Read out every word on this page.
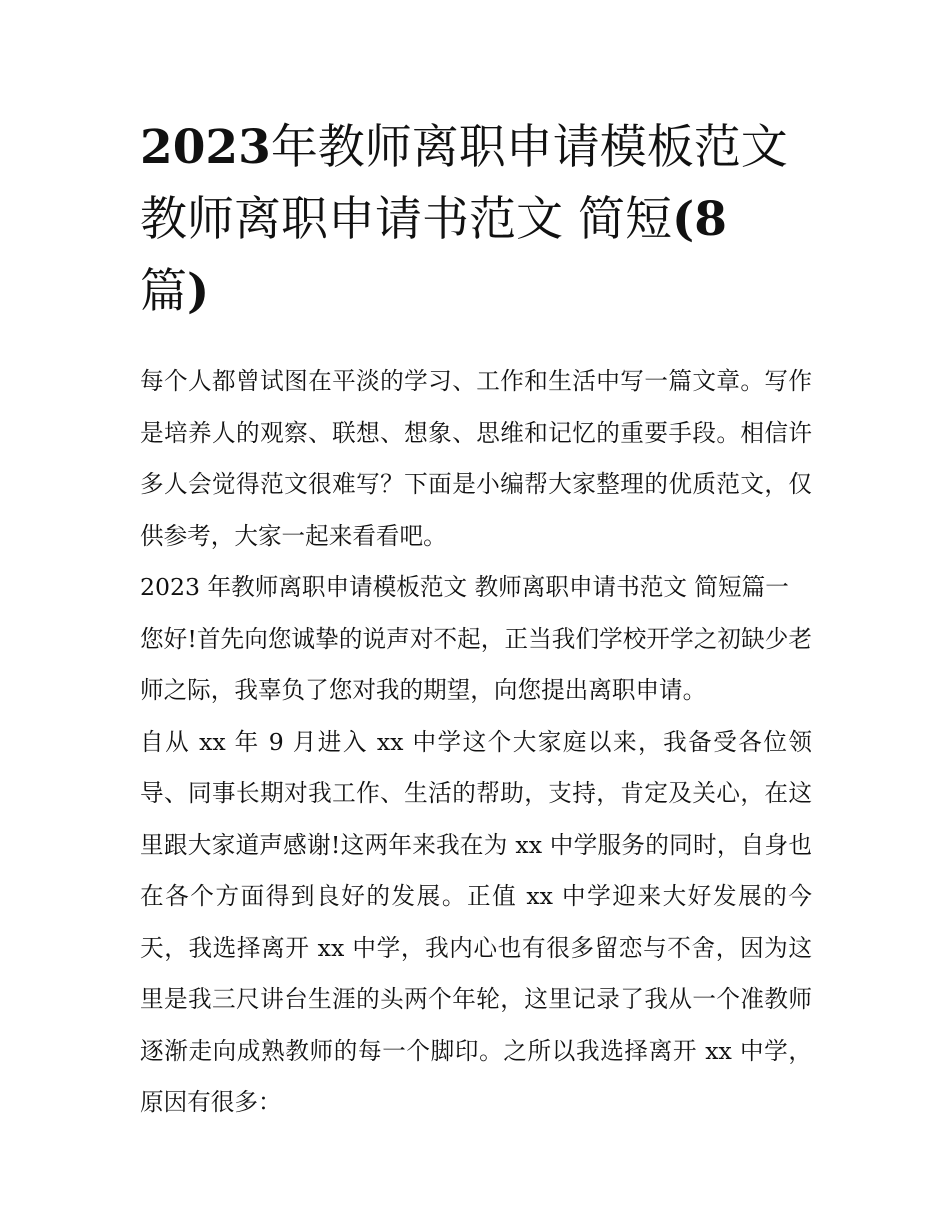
2023年教师离职申请模板范文
教师离职申请书范文 简短(8
篇)

每个人都曾试图在平淡的学习、工作和生活中写一篇文章。写作是培养人的观察、联想、想象、思维和记忆的重要手段。相信许多人会觉得范文很难写？下面是小编帮大家整理的优质范文，仅供参考，大家一起来看看吧。

2023 年教师离职申请模板范文 教师离职申请书范文 简短篇一

您好!首先向您诚挚的说声对不起，正当我们学校开学之初缺少老师之际，我辜负了您对我的期望，向您提出离职申请。

自从 xx 年 9 月进入 xx 中学这个大家庭以来，我备受各位领导、同事长期对我工作、生活的帮助，支持，肯定及关心，在这里跟大家道声感谢!这两年来我在为 xx 中学服务的同时，自身也在各个方面得到良好的发展。正值 xx 中学迎来大好发展的今天，我选择离开 xx 中学，我内心也有很多留恋与不舍，因为这里是我三尺讲台生涯的头两个年轮，这里记录了我从一个准教师逐渐走向成熟教师的每一个脚印。之所以我选择离开 xx 中学，原因有很多：
